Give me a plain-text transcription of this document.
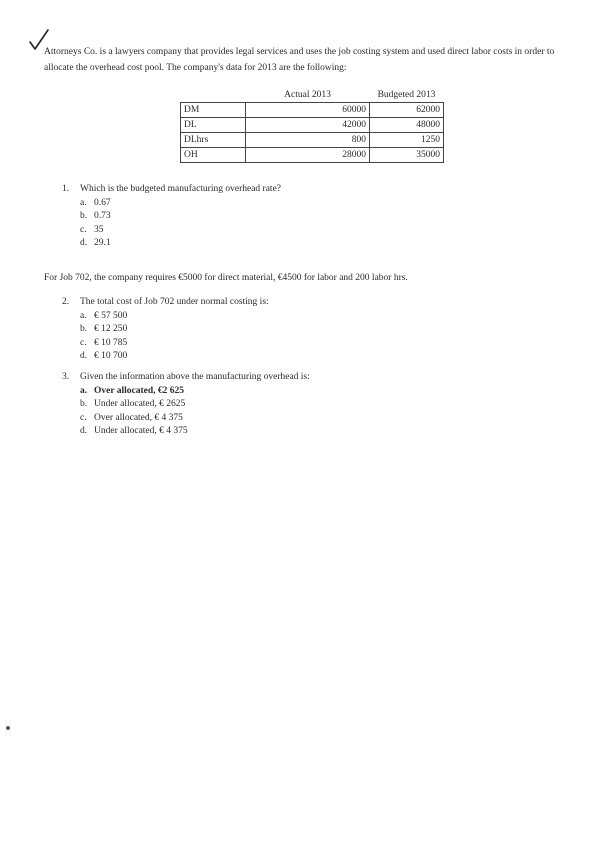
Attorneys Co. is a lawyers company that provides legal services and uses the job costing system and used direct labor costs in order to allocate the overhead cost pool. The company's data for 2013 are the following:
	Actual 2013	Budgeted 2013
DM	60000	62000
DL	42000	48000
DLhrs	800	1250
OH	28000	35000
1. Which is the budgeted manufacturing overhead rate?
a. 0.67
b. 0.73
c. 35
d. 29.1
For Job 702, the company requires €5000 for direct material, €4500 for labor and 200 labor hrs.
2. The total cost of Job 702 under normal costing is:
a. € 57 500
b. € 12 250
c. € 10 785
d. € 10 700
3. Given the information above the manufacturing overhead is:
a. Over allocated, €2 625
b. Under allocated, € 2625
c. Over allocated, € 4 375
d. Under allocated, € 4 375
